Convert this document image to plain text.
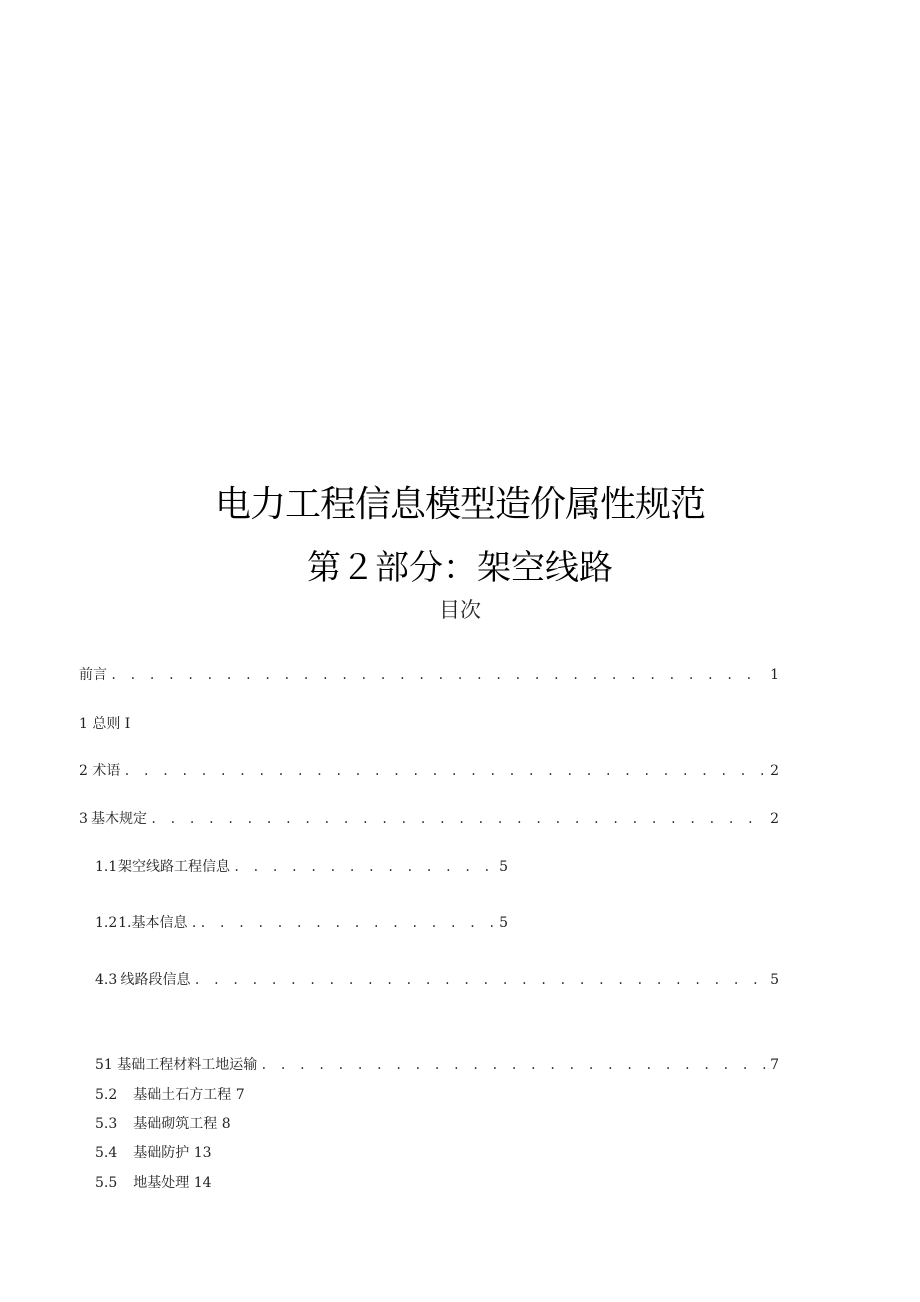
电力工程信息模型造价属性规范
第２部分：架空线路
目次
前言 . . .	1
1 总则 I
2 术语 . . .	2
3 基木规定 . . .	2
1.1 架空线路工程信息 . . .	5
1.2 1.基本信息 . . . .	5
4.3 线路段信息 . . .	5
51 基础工程材料工地运输 . . .	7
5.2 基础土石方工程 7
5.3 基础砌筑工程 8
5.4 基础防护 13
5.5 地基处理 14
